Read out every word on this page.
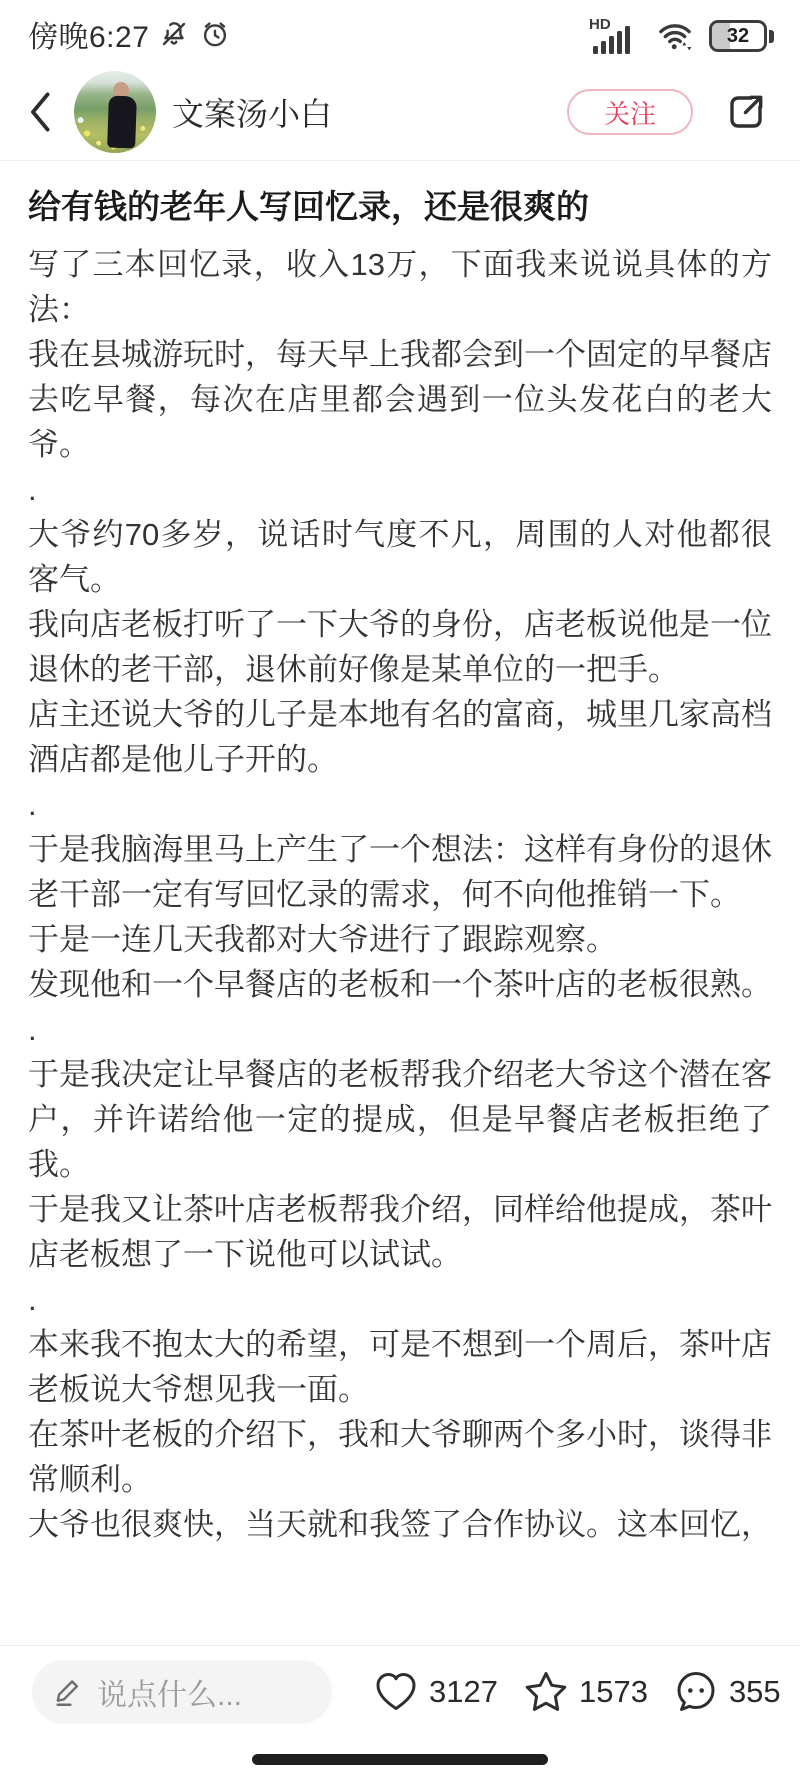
傍晚6:27	HD	32
文案汤小白	关注
给有钱的老年人写回忆录，还是很爽的

写了三本回忆录，收入13万，下面我来说说具体的方法：

我在县城游玩时，每天早上我都会到一个固定的早餐店去吃早餐，每次在店里都会遇到一位头发花白的老大爷。

.

大爷约70多岁，说话时气度不凡，周围的人对他都很客气。

我向店老板打听了一下大爷的身份，店老板说他是一位退休的老干部，退休前好像是某单位的一把手。

店主还说大爷的儿子是本地有名的富商，城里几家高档酒店都是他儿子开的。

.

于是我脑海里马上产生了一个想法：这样有身份的退休老干部一定有写回忆录的需求，何不向他推销一下。

于是一连几天我都对大爷进行了跟踪观察。

发现他和一个早餐店的老板和一个茶叶店的老板很熟。

.

于是我决定让早餐店的老板帮我介绍老大爷这个潜在客户，并许诺给他一定的提成，但是早餐店老板拒绝了我。

于是我又让茶叶店老板帮我介绍，同样给他提成，茶叶店老板想了一下说他可以试试。

.

本来我不抱太大的希望，可是不想到一个周后，茶叶店老板说大爷想见我一面。

在茶叶老板的介绍下，我和大爷聊两个多小时，谈得非常顺利。

大爷也很爽快，当天就和我签了合作协议。这本回忆，

说点什么...	3127	1573	355
